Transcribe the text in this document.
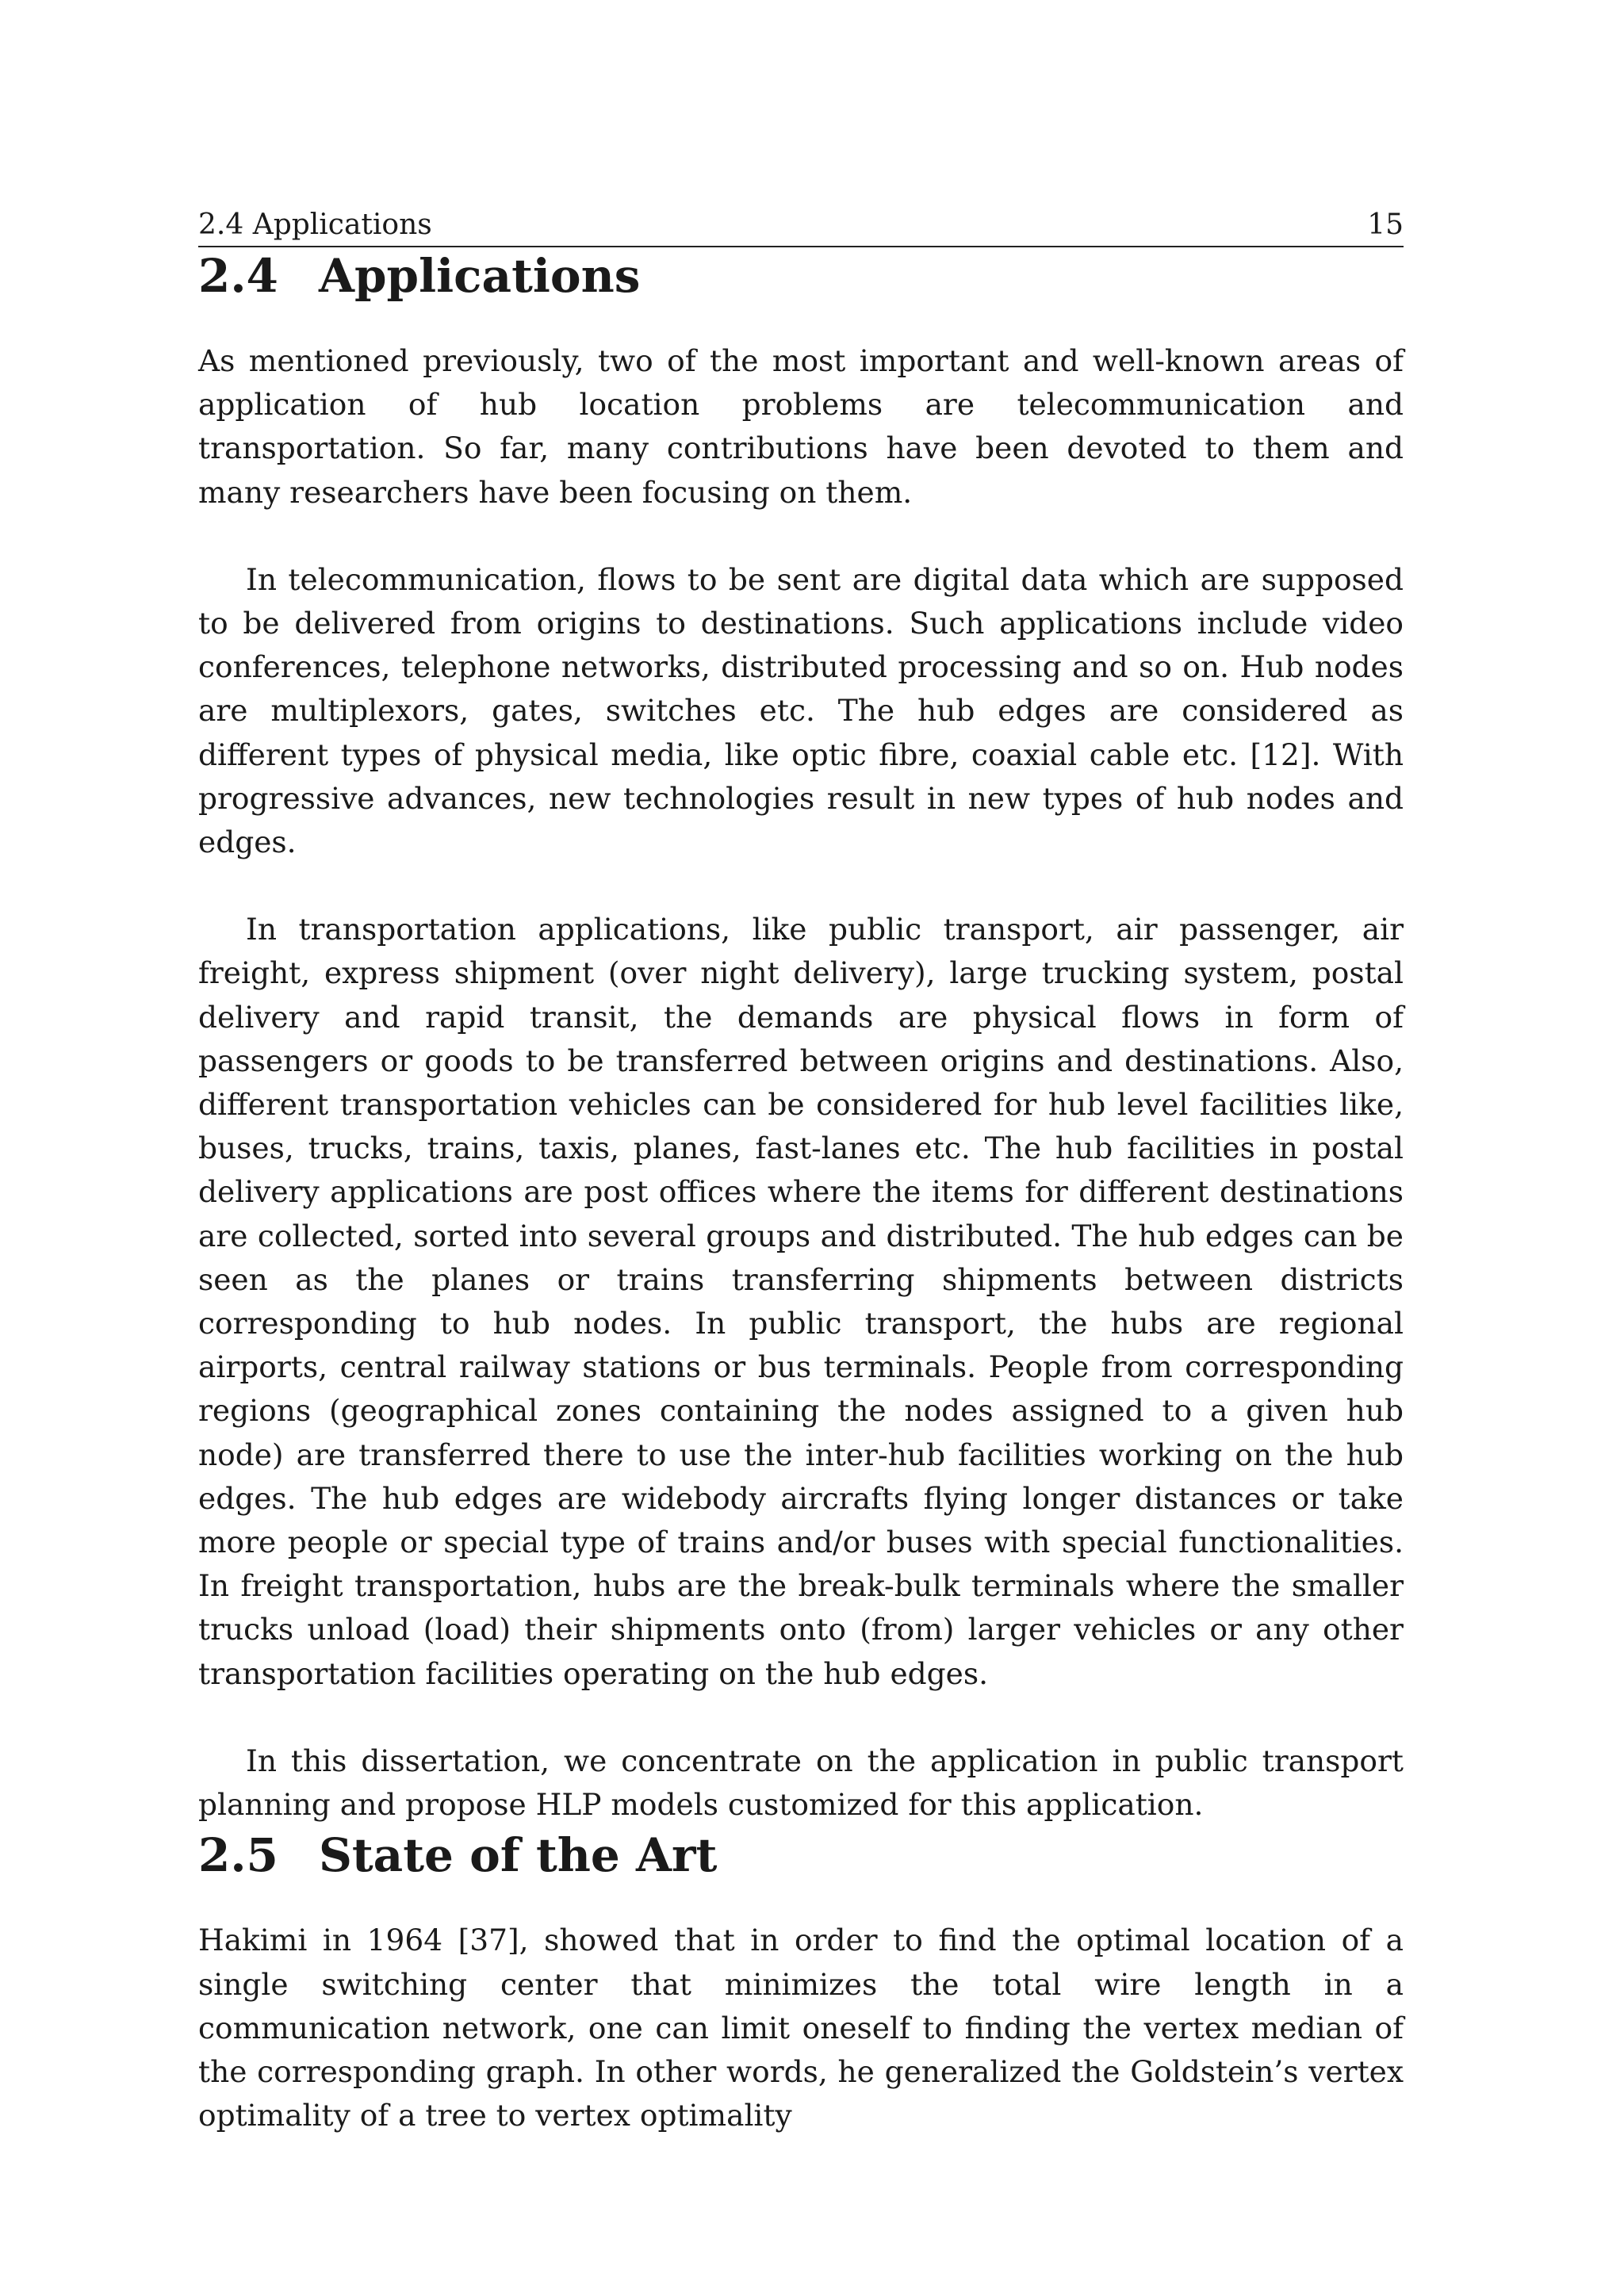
2.4 Applications	15
2.4 Applications

As mentioned previously, two of the most important and well-known areas of application of hub location problems are telecommunication and transportation. So far, many contributions have been devoted to them and many researchers have been focusing on them.

In telecommunication, flows to be sent are digital data which are supposed to be delivered from origins to destinations. Such applications include video conferences, telephone networks, distributed processing and so on. Hub nodes are multiplexors, gates, switches etc. The hub edges are considered as different types of physical media, like optic fibre, coaxial cable etc. [12]. With progressive advances, new technologies result in new types of hub nodes and edges.

In transportation applications, like public transport, air passenger, air freight, express shipment (over night delivery), large trucking system, postal delivery and rapid transit, the demands are physical flows in form of passengers or goods to be transferred between origins and destinations. Also, different transportation vehicles can be considered for hub level facilities like, buses, trucks, trains, taxis, planes, fast-lanes etc. The hub facilities in postal delivery applications are post offices where the items for different destinations are collected, sorted into several groups and distributed. The hub edges can be seen as the planes or trains transferring shipments between districts corresponding to hub nodes. In public transport, the hubs are regional airports, central railway stations or bus terminals. People from corresponding regions (geographical zones containing the nodes assigned to a given hub node) are transferred there to use the inter-hub facilities working on the hub edges. The hub edges are widebody aircrafts flying longer distances or take more people or special type of trains and/or buses with special functionalities. In freight transportation, hubs are the break-bulk terminals where the smaller trucks unload (load) their shipments onto (from) larger vehicles or any other transportation facilities operating on the hub edges.

In this dissertation, we concentrate on the application in public transport planning and propose HLP models customized for this application.

2.5 State of the Art

Hakimi in 1964 [37], showed that in order to find the optimal location of a single switching center that minimizes the total wire length in a communication network, one can limit oneself to finding the vertex median of the corresponding graph. In other words, he generalized the Goldstein’s vertex optimality of a tree to vertex optimality
